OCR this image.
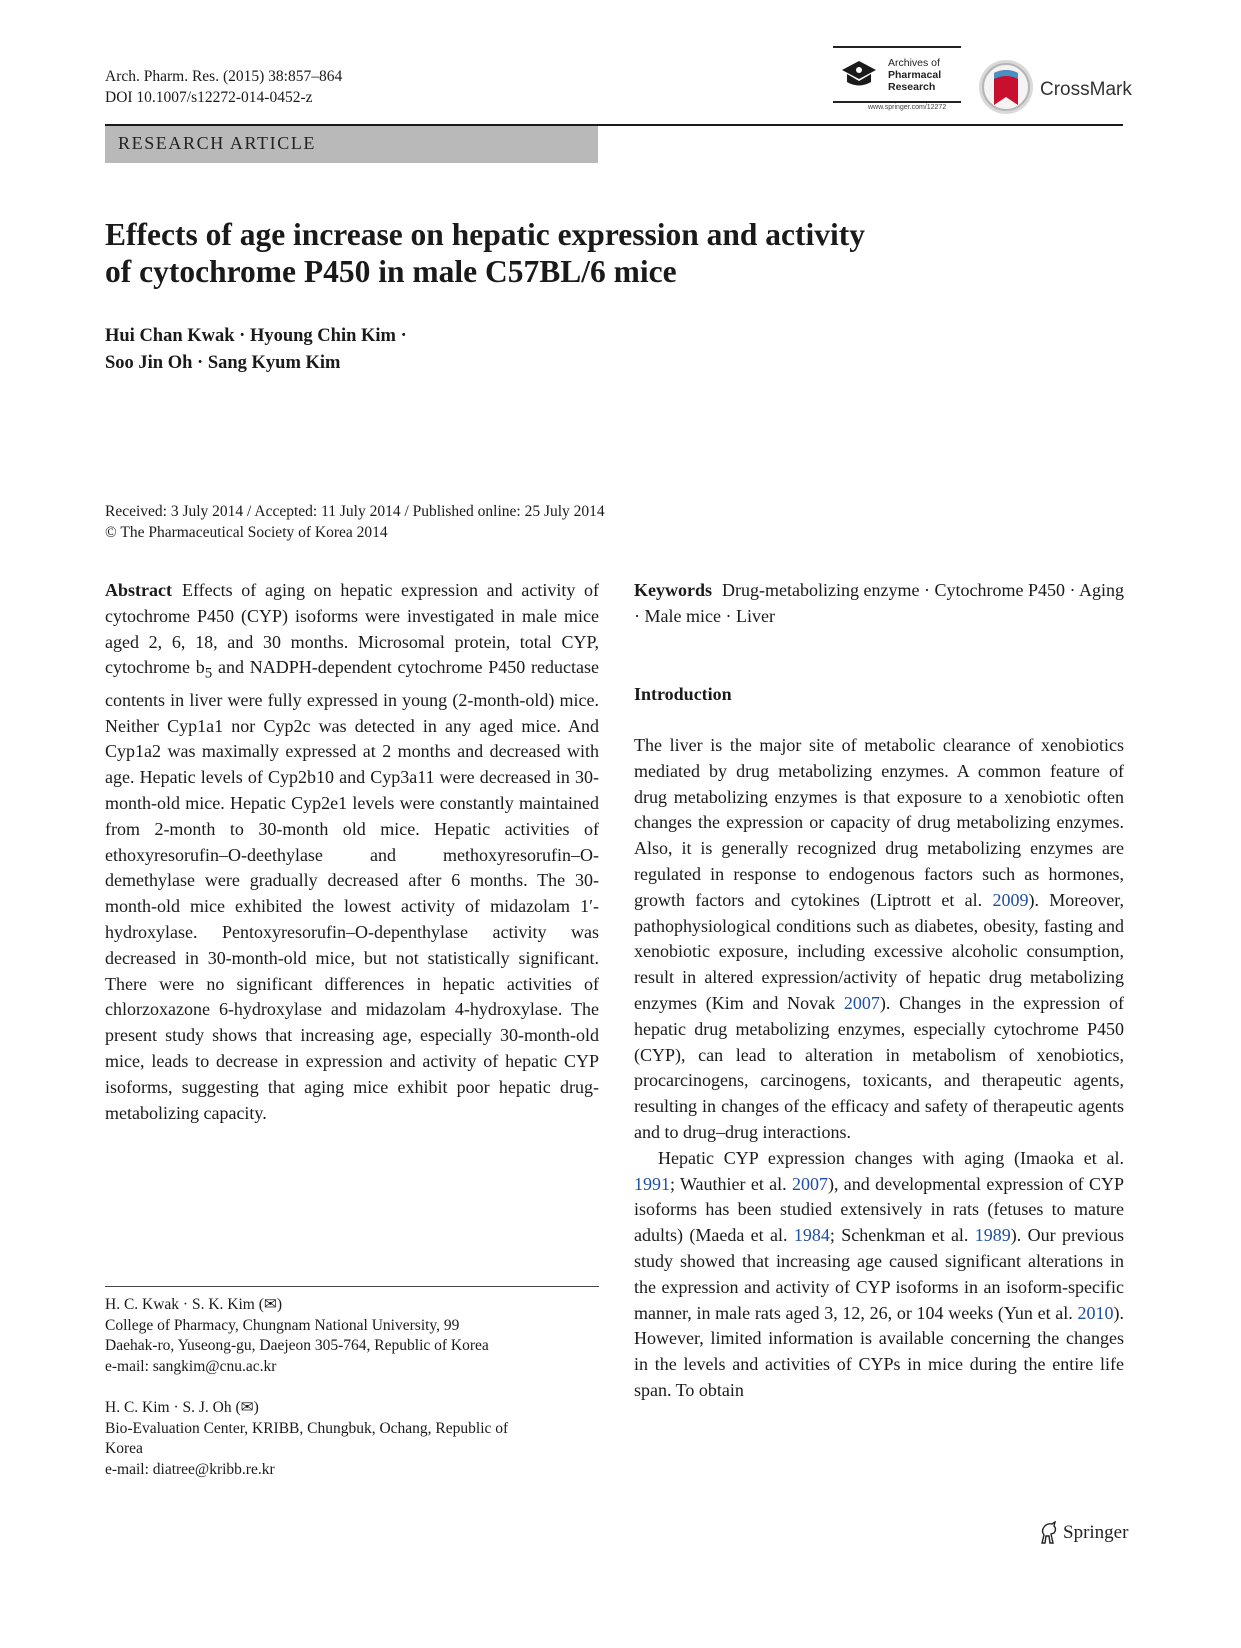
Arch. Pharm. Res. (2015) 38:857–864
DOI 10.1007/s12272-014-0452-z
Archives of
Pharmacal
Research
www.springer.com/12272
CrossMark
RESEARCH ARTICLE
Effects of age increase on hepatic expression and activity
of cytochrome P450 in male C57BL/6 mice
Hui Chan Kwak · Hyoung Chin Kim ·
Soo Jin Oh · Sang Kyum Kim
Received: 3 July 2014 / Accepted: 11 July 2014 / Published online: 25 July 2014
© The Pharmaceutical Society of Korea 2014
Abstract Effects of aging on hepatic expression and activity of cytochrome P450 (CYP) isoforms were investigated in male mice aged 2, 6, 18, and 30 months. Microsomal protein, total CYP, cytochrome $b_5$ and NADPH-dependent cytochrome P450 reductase contents in liver were fully expressed in young (2-month-old) mice. Neither Cyp1a1 nor Cyp2c was detected in any aged mice. And Cyp1a2 was maximally expressed at 2 months and decreased with age. Hepatic levels of Cyp2b10 and Cyp3a11 were decreased in 30-month-old mice. Hepatic Cyp2e1 levels were constantly maintained from 2-month to 30-month old mice. Hepatic activities of ethoxyresorufin–O-deethylase and methoxyresorufin–O-demethylase were gradually decreased after 6 months. The 30-month-old mice exhibited the lowest activity of midazolam 1′-hydroxylase. Pentoxyresorufin–O-depenthylase activity was decreased in 30-month-old mice, but not statistically significant. There were no significant differences in hepatic activities of chlorzoxazone 6-hydroxylase and midazolam 4-hydroxylase. The present study shows that increasing age, especially 30-month-old mice, leads to decrease in expression and activity of hepatic CYP isoforms, suggesting that aging mice exhibit poor hepatic drug-metabolizing capacity.
Keywords Drug-metabolizing enzyme · Cytochrome P450 · Aging · Male mice · Liver
Introduction

The liver is the major site of metabolic clearance of xenobiotics mediated by drug metabolizing enzymes. A common feature of drug metabolizing enzymes is that exposure to a xenobiotic often changes the expression or capacity of drug metabolizing enzymes. Also, it is generally recognized drug metabolizing enzymes are regulated in response to endogenous factors such as hormones, growth factors and cytokines (Liptrott et al. 2009). Moreover, pathophysiological conditions such as diabetes, obesity, fasting and xenobiotic exposure, including excessive alcoholic consumption, result in altered expression/activity of hepatic drug metabolizing enzymes (Kim and Novak 2007). Changes in the expression of hepatic drug metabolizing enzymes, especially cytochrome P450 (CYP), can lead to alteration in metabolism of xenobiotics, procarcinogens, carcinogens, toxicants, and therapeutic agents, resulting in changes of the efficacy and safety of therapeutic agents and to drug–drug interactions.

Hepatic CYP expression changes with aging (Imaoka et al. 1991; Wauthier et al. 2007), and developmental expression of CYP isoforms has been studied extensively in rats (fetuses to mature adults) (Maeda et al. 1984; Schenkman et al. 1989). Our previous study showed that increasing age caused significant alterations in the expression and activity of CYP isoforms in an isoform-specific manner, in male rats aged 3, 12, 26, or 104 weeks (Yun et al. 2010). However, limited information is available concerning the changes in the levels and activities of CYPs in mice during the entire life span. To obtain

H. C. Kwak · S. K. Kim (✉)
College of Pharmacy, Chungnam National University, 99
Daehak-ro, Yuseong-gu, Daejeon 305-764, Republic of Korea
e-mail: sangkim@cnu.ac.kr
H. C. Kim · S. J. Oh (✉)
Bio-Evaluation Center, KRIBB, Chungbuk, Ochang, Republic of
Korea
e-mail: diatree@kribb.re.kr
Springer
